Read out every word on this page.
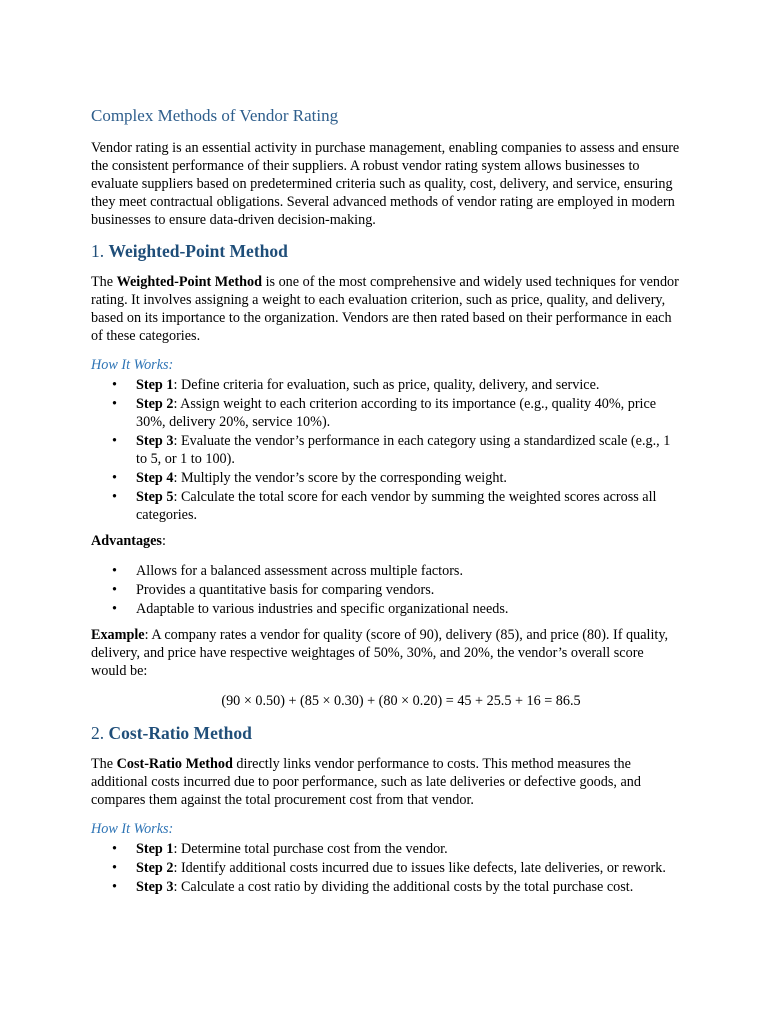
Complex Methods of Vendor Rating

Vendor rating is an essential activity in purchase management, enabling companies to assess and ensure the consistent performance of their suppliers. A robust vendor rating system allows businesses to evaluate suppliers based on predetermined criteria such as quality, cost, delivery, and service, ensuring they meet contractual obligations. Several advanced methods of vendor rating are employed in modern businesses to ensure data-driven decision-making.

1. Weighted-Point Method

The Weighted-Point Method is one of the most comprehensive and widely used techniques for vendor rating. It involves assigning a weight to each evaluation criterion, such as price, quality, and delivery, based on its importance to the organization. Vendors are then rated based on their performance in each of these categories.

How It Works:
• Step 1: Define criteria for evaluation, such as price, quality, delivery, and service.
• Step 2: Assign weight to each criterion according to its importance (e.g., quality 40%, price 30%, delivery 20%, service 10%).
• Step 3: Evaluate the vendor’s performance in each category using a standardized scale (e.g., 1 to 5, or 1 to 100).
• Step 4: Multiply the vendor’s score by the corresponding weight.
• Step 5: Calculate the total score for each vendor by summing the weighted scores across all categories.

Advantages:

• Allows for a balanced assessment across multiple factors.
• Provides a quantitative basis for comparing vendors.
• Adaptable to various industries and specific organizational needs.

Example: A company rates a vendor for quality (score of 90), delivery (85), and price (80). If quality, delivery, and price have respective weightages of 50%, 30%, and 20%, the vendor’s overall score would be:

(90 × 0.50) + (85 × 0.30) + (80 × 0.20) = 45 + 25.5 + 16 = 86.5
2. Cost-Ratio Method

The Cost-Ratio Method directly links vendor performance to costs. This method measures the additional costs incurred due to poor performance, such as late deliveries or defective goods, and compares them against the total procurement cost from that vendor.

How It Works:
• Step 1: Determine total purchase cost from the vendor.
• Step 2: Identify additional costs incurred due to issues like defects, late deliveries, or rework.
• Step 3: Calculate a cost ratio by dividing the additional costs by the total purchase cost.
